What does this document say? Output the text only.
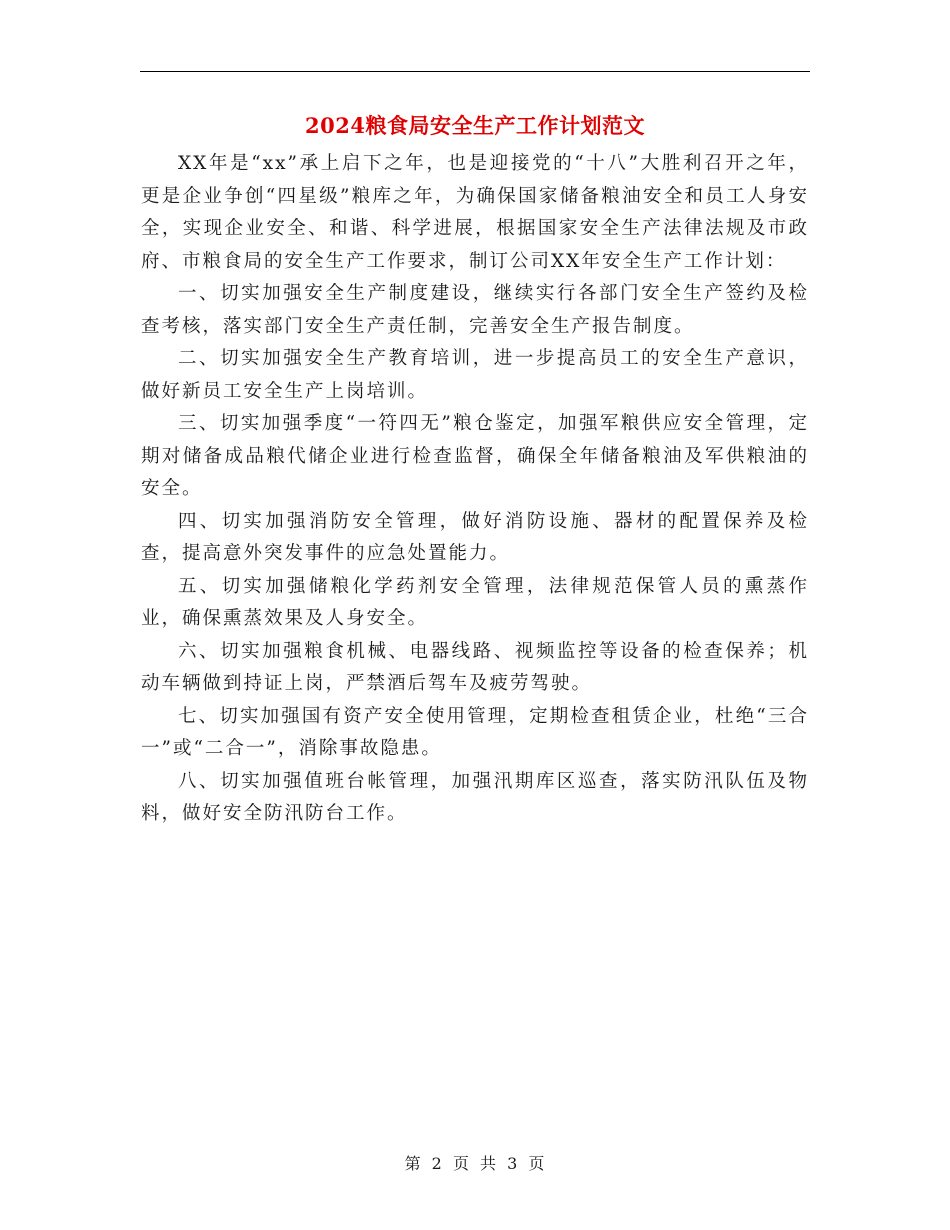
2024粮食局安全生产工作计划范文

XX年是“xx”承上启下之年，也是迎接党的“十八”大胜利召开之年，更是企业争创“四星级”粮库之年，为确保国家储备粮油安全和员工人身安全，实现企业安全、和谐、科学进展，根据国家安全生产法律法规及市政府、市粮食局的安全生产工作要求，制订公司XX年安全生产工作计划：

一、切实加强安全生产制度建设，继续实行各部门安全生产签约及检查考核，落实部门安全生产责任制，完善安全生产报告制度。

二、切实加强安全生产教育培训，进一步提高员工的安全生产意识，做好新员工安全生产上岗培训。

三、切实加强季度“一符四无”粮仓鉴定，加强军粮供应安全管理，定期对储备成品粮代储企业进行检查监督，确保全年储备粮油及军供粮油的安全。

四、切实加强消防安全管理，做好消防设施、器材的配置保养及检查，提高意外突发事件的应急处置能力。

五、切实加强储粮化学药剂安全管理，法律规范保管人员的熏蒸作业，确保熏蒸效果及人身安全。

六、切实加强粮食机械、电器线路、视频监控等设备的检查保养；机动车辆做到持证上岗，严禁酒后驾车及疲劳驾驶。

七、切实加强国有资产安全使用管理，定期检查租赁企业，杜绝“三合一”或“二合一”，消除事故隐患。

八、切实加强值班台帐管理，加强汛期库区巡查，落实防汛队伍及物料，做好安全防汛防台工作。

第 2 页 共 3 页
